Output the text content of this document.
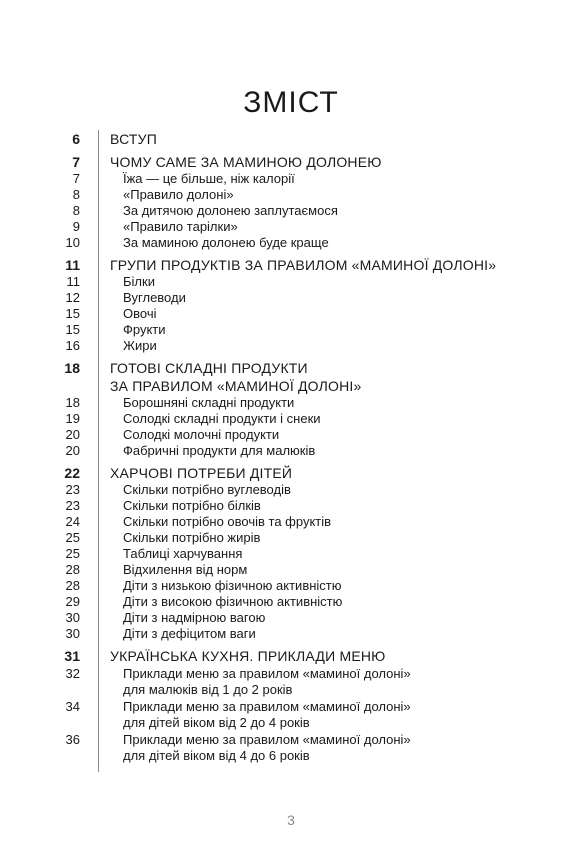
ЗМІСТ
6 ВСТУП
7 ЧОМУ САМЕ ЗА МАМИНОЮ ДОЛОНЕЮ
7	Їжа — це більше, ніж калорії
8	«Правило долоні»
8	За дитячою долонею заплутаємося
9	«Правило тарілки»
10	За маминою долонею буде краще
11 ГРУПИ ПРОДУКТІВ ЗА ПРАВИЛОМ «МАМИНОЇ ДОЛОНІ»
11	Білки
12	Вуглеводи
15	Овочі
15	Фрукти
16	Жири
18 ГОТОВІ СКЛАДНІ ПРОДУКТИ
ЗА ПРАВИЛОМ «МАМИНОЇ ДОЛОНІ»
18	Борошняні складні продукти
19	Солодкі складні продукти і снеки
20	Солодкі молочні продукти
20	Фабричні продукти для малюків
22 ХАРЧОВІ ПОТРЕБИ ДІТЕЙ
23	Скільки потрібно вуглеводів
23	Скільки потрібно білків
24	Скільки потрібно овочів та фруктів
25	Скільки потрібно жирів
25	Таблиці харчування
28	Відхилення від норм
28	Діти з низькою фізичною активністю
29	Діти з високою фізичною активністю
30	Діти з надмірною вагою
30	Діти з дефіцитом ваги
31 УКРАЇНСЬКА КУХНЯ. ПРИКЛАДИ МЕНЮ
32	Приклади меню за правилом «маминої долоні»
для малюків від 1 до 2 років
34	Приклади меню за правилом «маминої долоні»
для дітей віком від 2 до 4 років
36	Приклади меню за правилом «маминої долоні»
для дітей віком від 4 до 6 років
3
